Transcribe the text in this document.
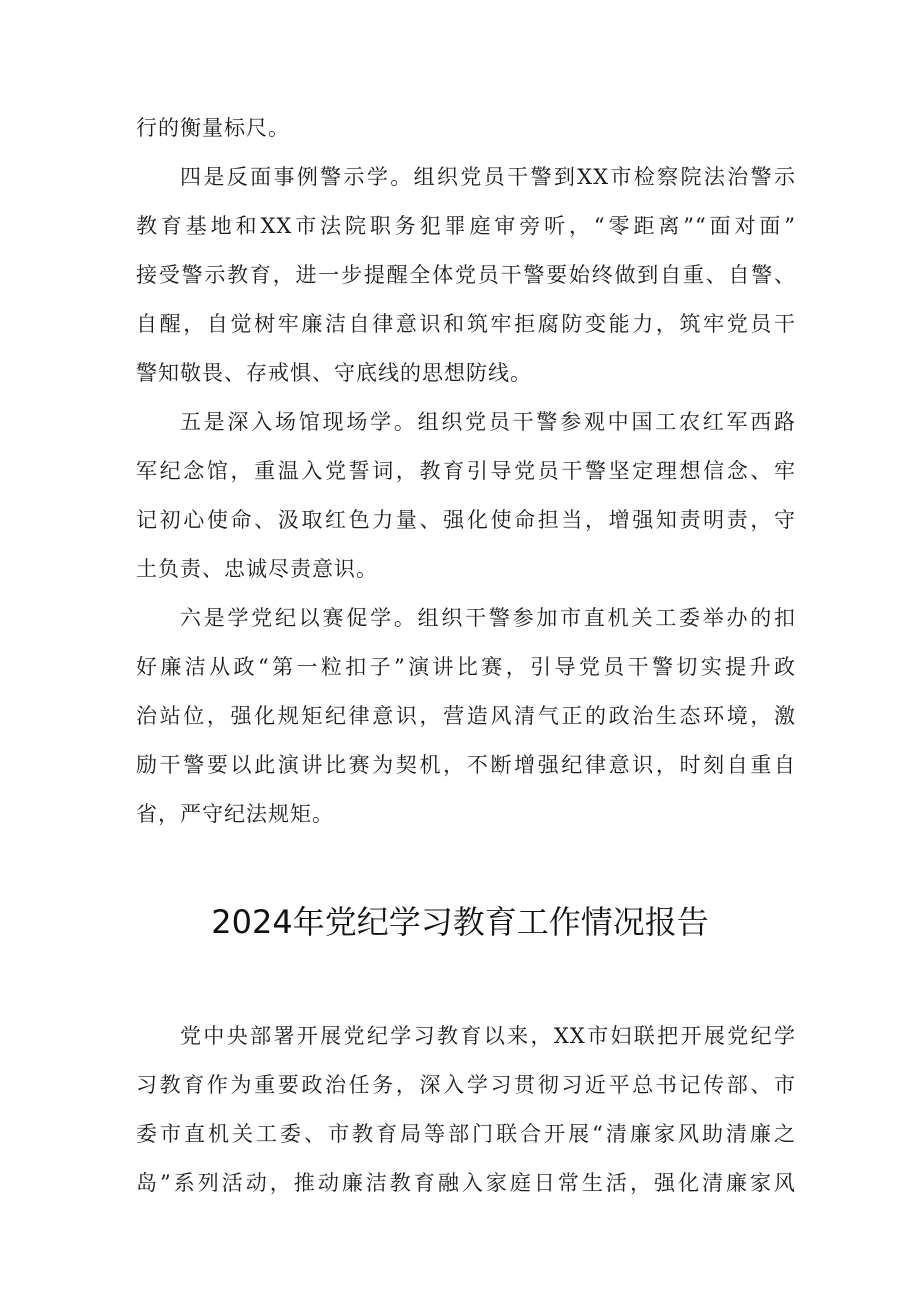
行的衡量标尺。
四是反面事例警示学。组织党员干警到XX市检察院法治警示
教育基地和XX市法院职务犯罪庭审旁听，“零距离”“面对面”
接受警示教育，进一步提醒全体党员干警要始终做到自重、自警、
自醒，自觉树牢廉洁自律意识和筑牢拒腐防变能力，筑牢党员干
警知敬畏、存戒惧、守底线的思想防线。
五是深入场馆现场学。组织党员干警参观中国工农红军西路
军纪念馆，重温入党誓词，教育引导党员干警坚定理想信念、牢
记初心使命、汲取红色力量、强化使命担当，增强知责明责，守
土负责、忠诚尽责意识。
六是学党纪以赛促学。组织干警参加市直机关工委举办的扣
好廉洁从政“第一粒扣子”演讲比赛，引导党员干警切实提升政
治站位，强化规矩纪律意识，营造风清气正的政治生态环境，激
励干警要以此演讲比赛为契机，不断增强纪律意识，时刻自重自
省，严守纪法规矩。
2024年党纪学习教育工作情况报告
党中央部署开展党纪学习教育以来，XX市妇联把开展党纪学
习教育作为重要政治任务，深入学习贯彻习近平总书记传部、市
委市直机关工委、市教育局等部门联合开展“清廉家风助清廉之
岛”系列活动，推动廉洁教育融入家庭日常生活，强化清廉家风
